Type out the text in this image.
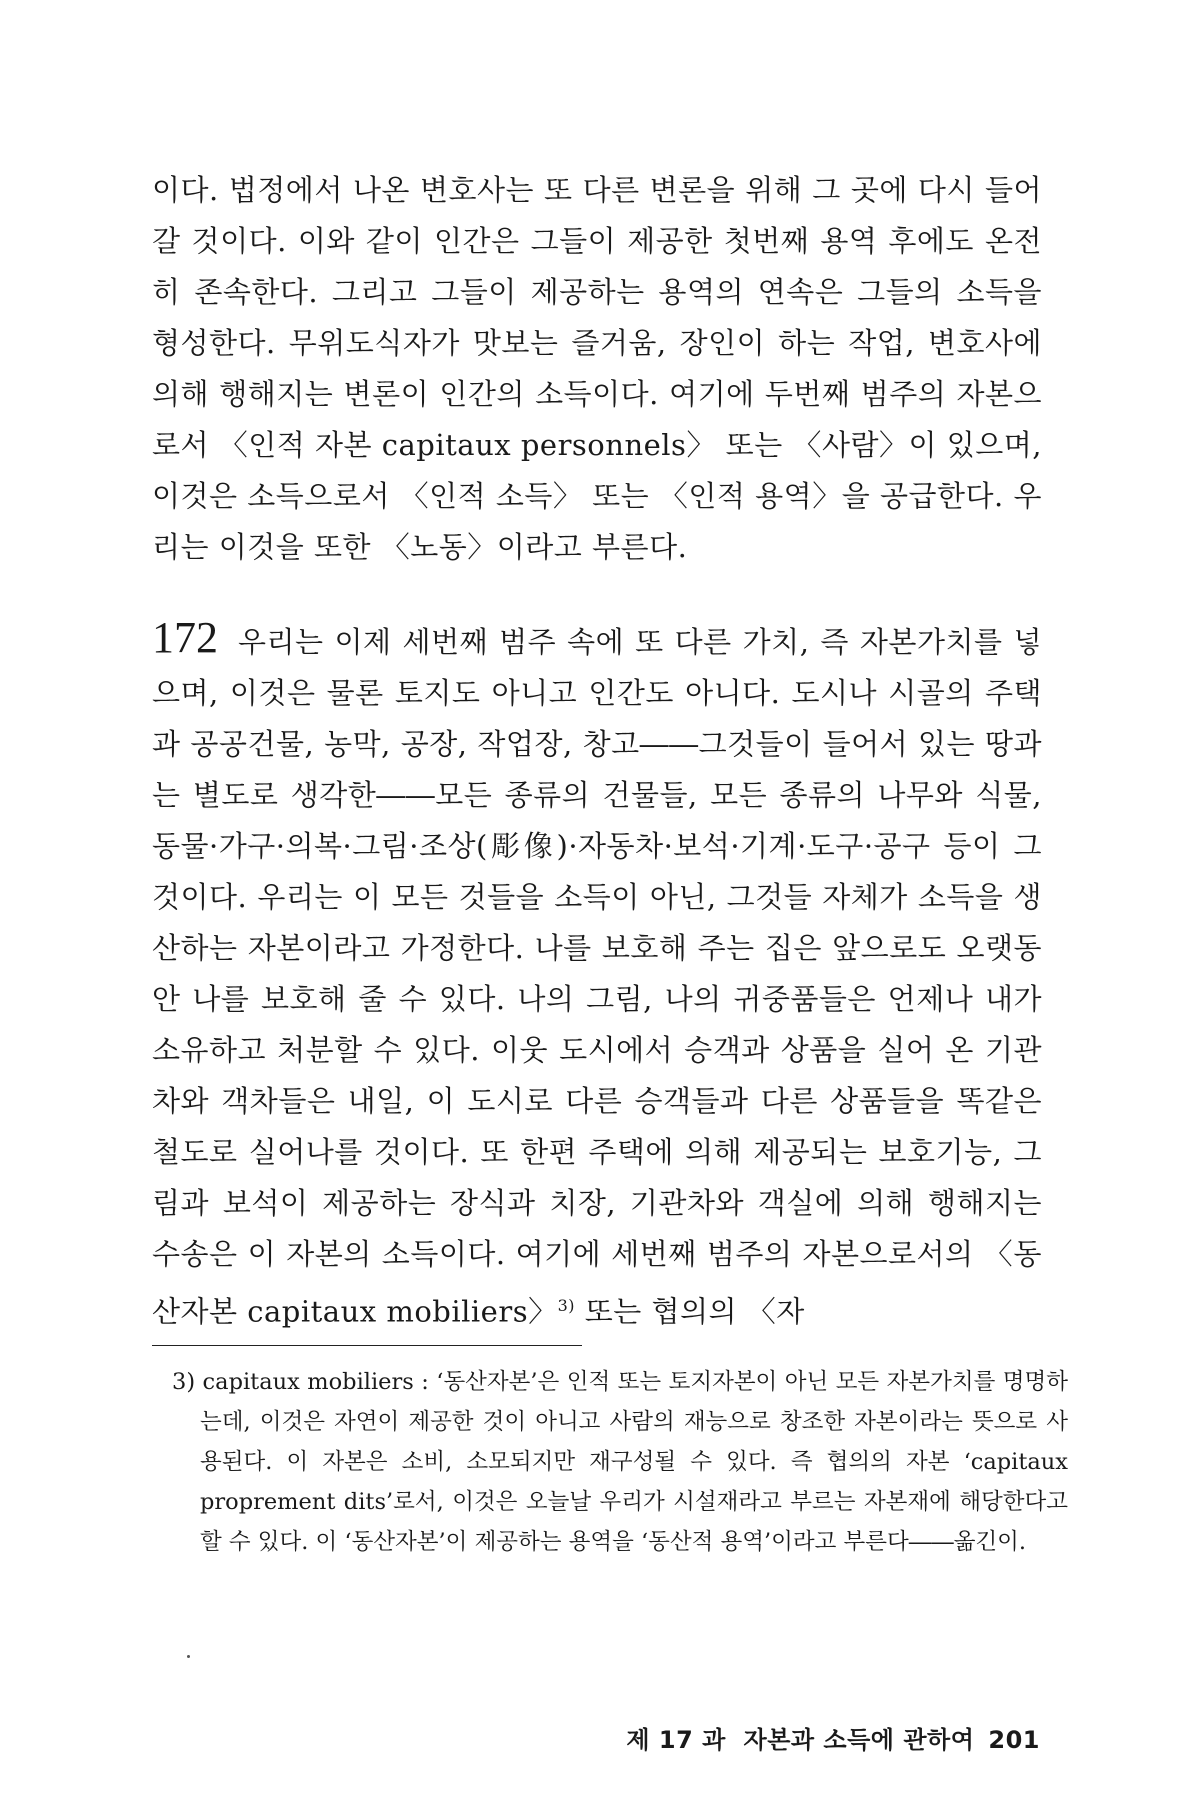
이다. 법정에서 나온 변호사는 또 다른 변론을 위해 그 곳에 다시 들어갈 것이다. 이와 같이 인간은 그들이 제공한 첫번째 용역 후에도 온전히 존속한다. 그리고 그들이 제공하는 용역의 연속은 그들의 소득을 형성한다. 무위도식자가 맛보는 즐거움, 장인이 하는 작업, 변호사에 의해 행해지는 변론이 인간의 소득이다. 여기에 두번째 범주의 자본으로서 〈인적 자본 capitaux personnels〉 또는 〈사람〉이 있으며, 이것은 소득으로서 〈인적 소득〉 또는 〈인적 용역〉을 공급한다. 우리는 이것을 또한 〈노동〉이라고 부른다.

172 우리는 이제 세번째 범주 속에 또 다른 가치, 즉 자본가치를 넣으며, 이것은 물론 토지도 아니고 인간도 아니다. 도시나 시골의 주택과 공공건물, 농막, 공장, 작업장, 창고――그것들이 들어서 있는 땅과는 별도로 생각한――모든 종류의 건물들, 모든 종류의 나무와 식물, 동물·가구·의복·그림·조상(彫像)·자동차·보석·기계·도구·공구 등이 그것이다. 우리는 이 모든 것들을 소득이 아닌, 그것들 자체가 소득을 생산하는 자본이라고 가정한다. 나를 보호해 주는 집은 앞으로도 오랫동안 나를 보호해 줄 수 있다. 나의 그림, 나의 귀중품들은 언제나 내가 소유하고 처분할 수 있다. 이웃 도시에서 승객과 상품을 실어 온 기관차와 객차들은 내일, 이 도시로 다른 승객들과 다른 상품들을 똑같은 철도로 실어나를 것이다. 또 한편 주택에 의해 제공되는 보호기능, 그림과 보석이 제공하는 장식과 치장, 기관차와 객실에 의해 행해지는 수송은 이 자본의 소득이다. 여기에 세번째 범주의 자본으로서의 〈동산자본 capitaux mobiliers〉$^{3)}$ 또는 협의의 〈자

3) capitaux mobiliers : ‘동산자본’은 인적 또는 토지자본이 아닌 모든 자본가치를 명명하는데, 이것은 자연이 제공한 것이 아니고 사람의 재능으로 창조한 자본이라는 뜻으로 사용된다. 이 자본은 소비, 소모되지만 재구성될 수 있다. 즉 협의의 자본 ‘capitaux proprement dits’로서, 이것은 오늘날 우리가 시설재라고 부르는 자본재에 해당한다고 할 수 있다. 이 ‘동산자본’이 제공하는 용역을 ‘동산적 용역’이라고 부른다――옮긴이.

제 17 과  자본과 소득에 관하여 201
